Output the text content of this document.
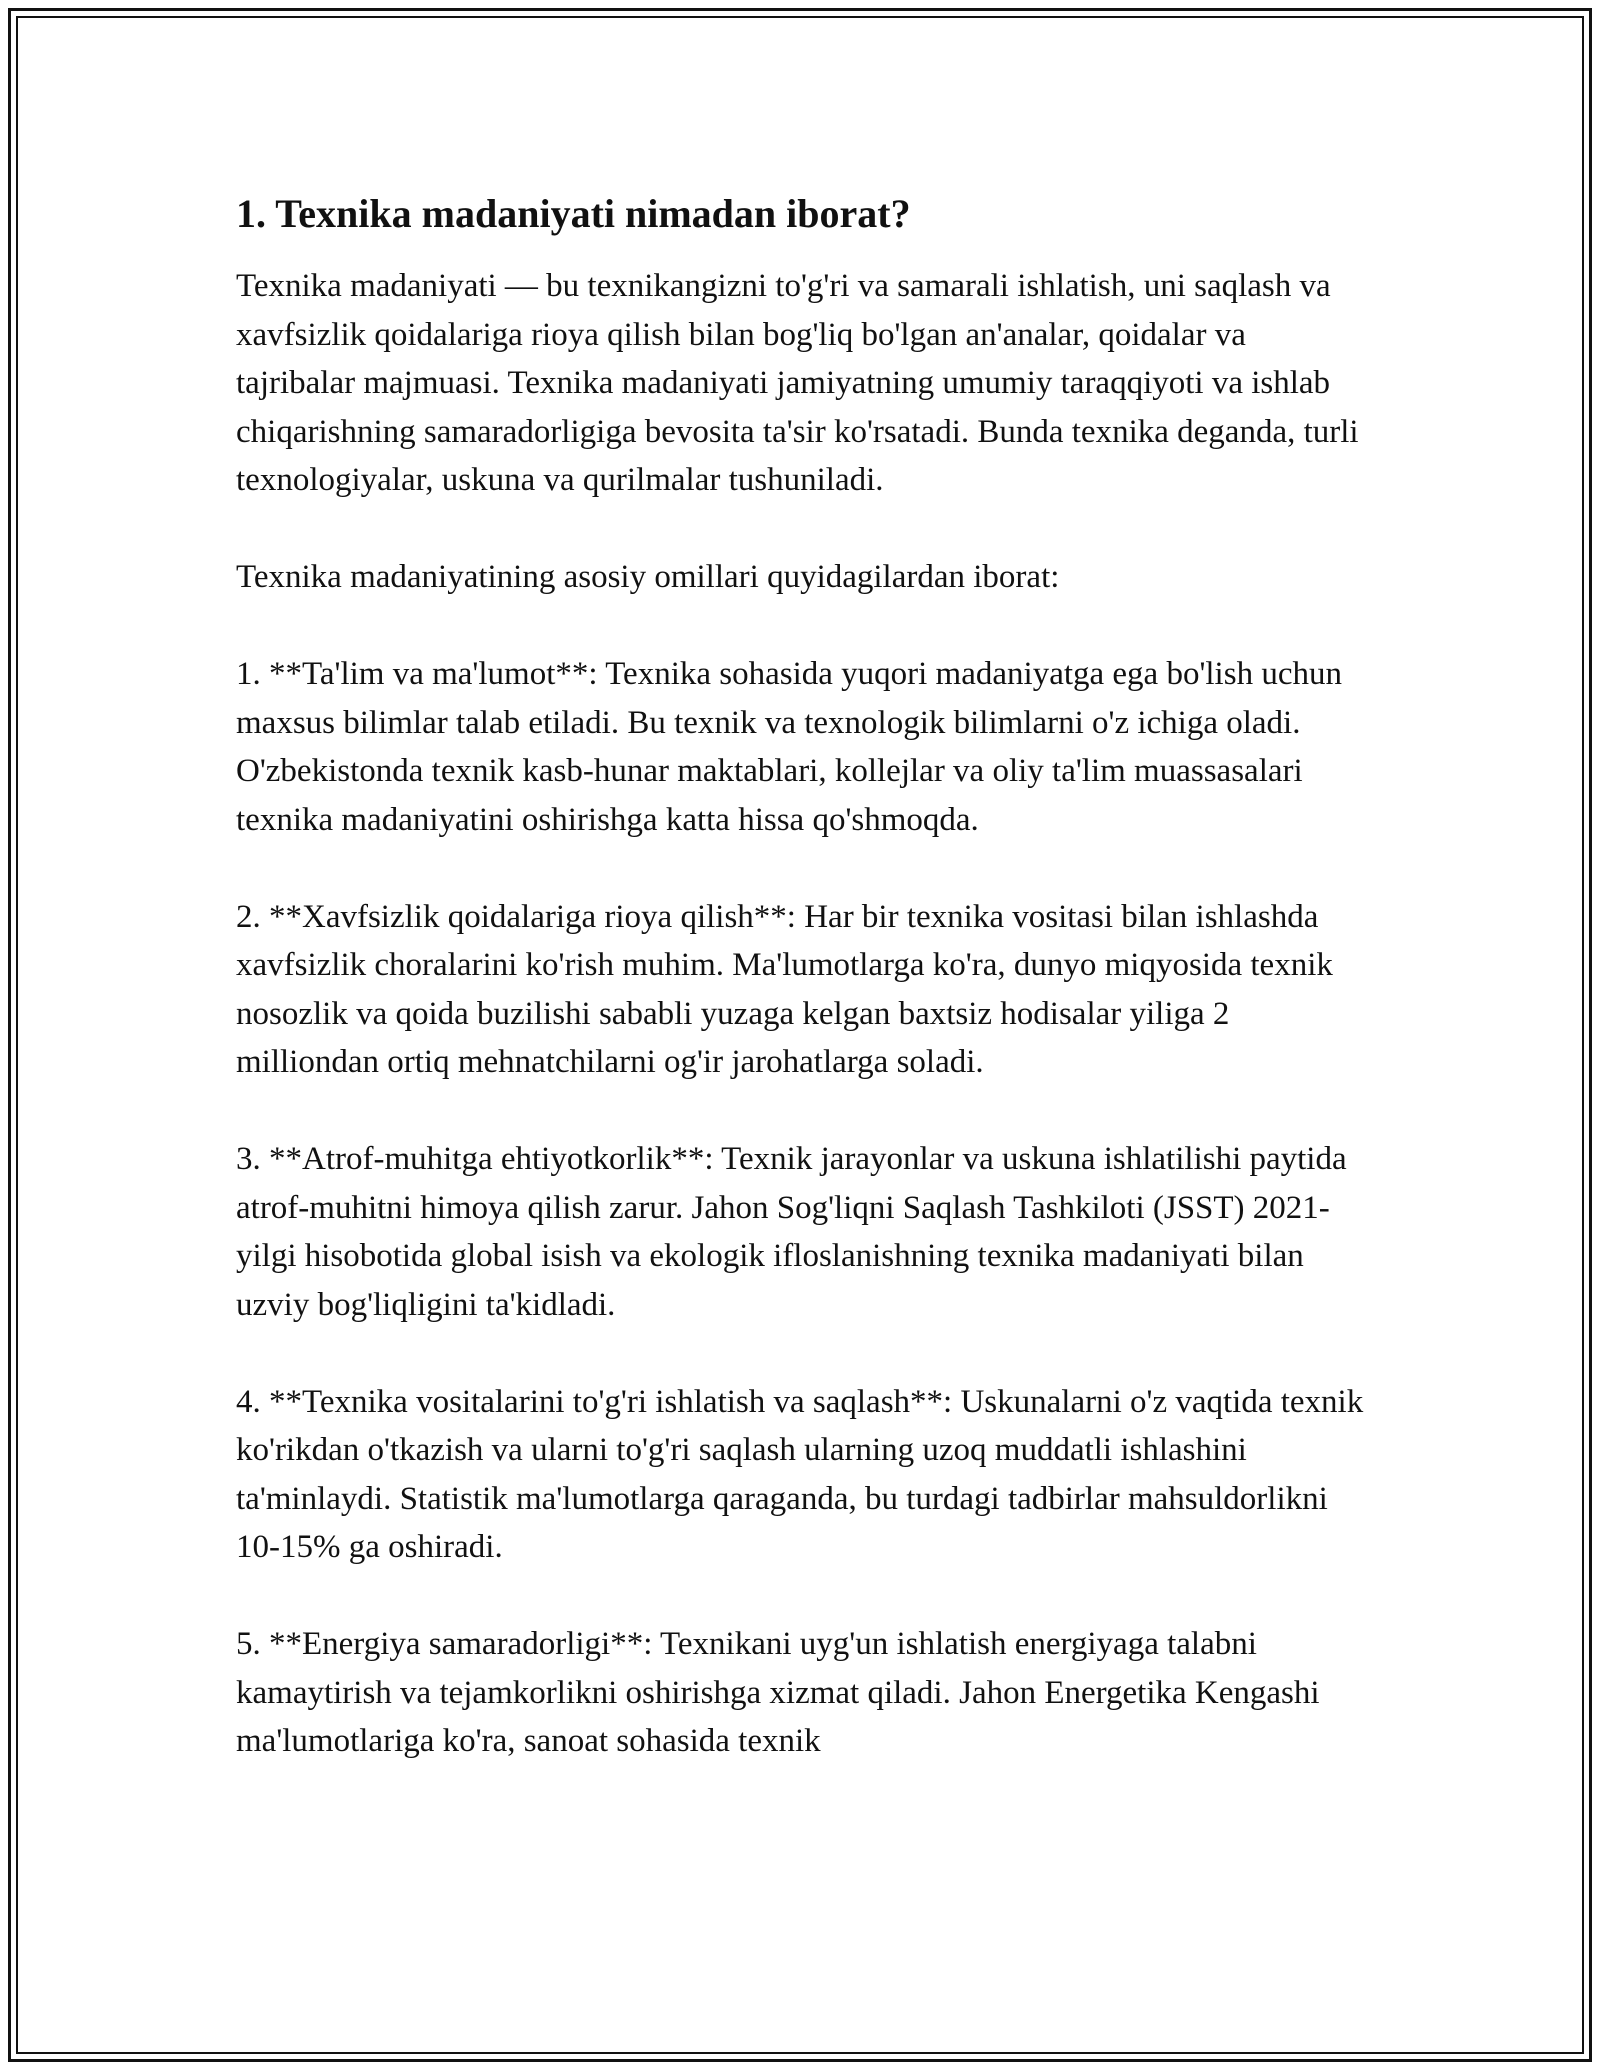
1. Texnika madaniyati nimadan iborat?

Texnika madaniyati — bu texnikangizni to'g'ri va samarali ishlatish, uni saqlash va xavfsizlik qoidalariga rioya qilish bilan bog'liq bo'lgan an'analar, qoidalar va tajribalar majmuasi. Texnika madaniyati jamiyatning umumiy taraqqiyoti va ishlab chiqarishning samaradorligiga bevosita ta'sir ko'rsatadi. Bunda texnika deganda, turli texnologiyalar, uskuna va qurilmalar tushuniladi.

Texnika madaniyatining asosiy omillari quyidagilardan iborat:

1. **Ta'lim va ma'lumot**: Texnika sohasida yuqori madaniyatga ega bo'lish uchun maxsus bilimlar talab etiladi. Bu texnik va texnologik bilimlarni o'z ichiga oladi. O'zbekistonda texnik kasb-hunar maktablari, kollejlar va oliy ta'lim muassasalari texnika madaniyatini oshirishga katta hissa qo'shmoqda.

2. **Xavfsizlik qoidalariga rioya qilish**: Har bir texnika vositasi bilan ishlashda xavfsizlik choralarini ko'rish muhim. Ma'lumotlarga ko'ra, dunyo miqyosida texnik nosozlik va qoida buzilishi sababli yuzaga kelgan baxtsiz hodisalar yiliga 2 milliondan ortiq mehnatchilarni og'ir jarohatlarga soladi.

3. **Atrof-muhitga ehtiyotkorlik**: Texnik jarayonlar va uskuna ishlatilishi paytida atrof-muhitni himoya qilish zarur. Jahon Sog'liqni Saqlash Tashkiloti (JSST) 2021-yilgi hisobotida global isish va ekologik ifloslanishning texnika madaniyati bilan uzviy bog'liqligini ta'kidladi.

4. **Texnika vositalarini to'g'ri ishlatish va saqlash**: Uskunalarni o'z vaqtida texnik ko'rikdan o'tkazish va ularni to'g'ri saqlash ularning uzoq muddatli ishlashini ta'minlaydi. Statistik ma'lumotlarga qaraganda, bu turdagi tadbirlar mahsuldorlikni 10-15% ga oshiradi.

5. **Energiya samaradorligi**: Texnikani uyg'un ishlatish energiyaga talabni kamaytirish va tejamkorlikni oshirishga xizmat qiladi. Jahon Energetika Kengashi ma'lumotlariga ko'ra, sanoat sohasida texnik
